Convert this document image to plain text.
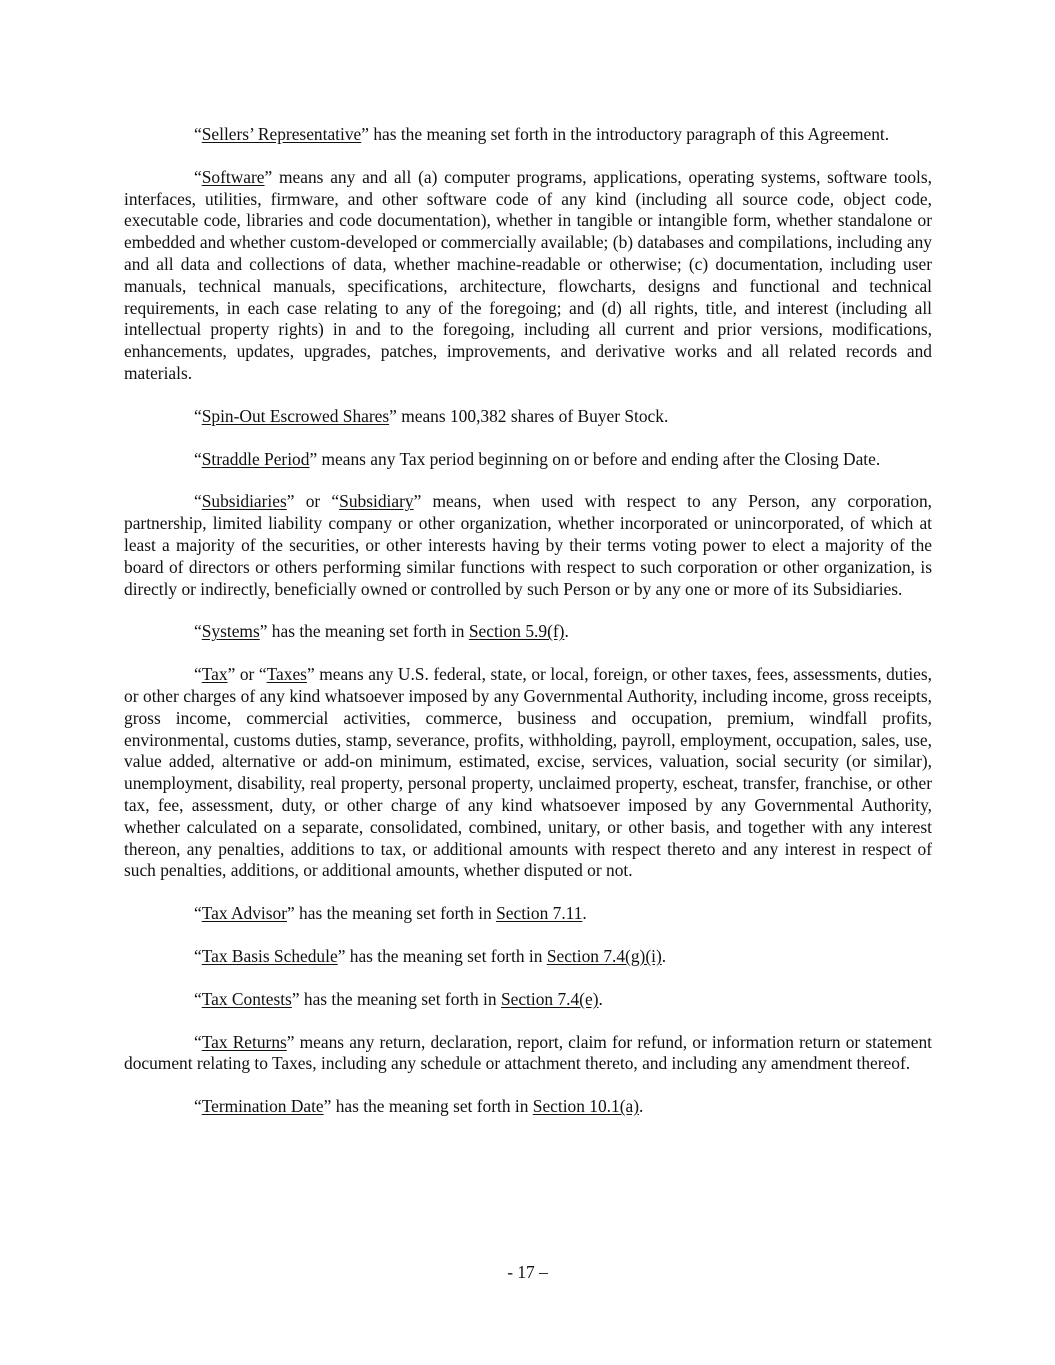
“Sellers’ Representative” has the meaning set forth in the introductory paragraph of this Agreement.

“Software” means any and all (a) computer programs, applications, operating systems, software tools, interfaces, utilities, firmware, and other software code of any kind (including all source code, object code, executable code, libraries and code documentation), whether in tangible or intangible form, whether standalone or embedded and whether custom-developed or commercially available; (b) databases and compilations, including any and all data and collections of data, whether machine-readable or otherwise; (c) documentation, including user manuals, technical manuals, specifications, architecture, flowcharts, designs and functional and technical requirements, in each case relating to any of the foregoing; and (d) all rights, title, and interest (including all intellectual property rights) in and to the foregoing, including all current and prior versions, modifications, enhancements, updates, upgrades, patches, improvements, and derivative works and all related records and materials.

“Spin-Out Escrowed Shares” means 100,382 shares of Buyer Stock.

“Straddle Period” means any Tax period beginning on or before and ending after the Closing Date.

“Subsidiaries” or “Subsidiary” means, when used with respect to any Person, any corporation, partnership, limited liability company or other organization, whether incorporated or unincorporated, of which at least a majority of the securities, or other interests having by their terms voting power to elect a majority of the board of directors or others performing similar functions with respect to such corporation or other organization, is directly or indirectly, beneficially owned or controlled by such Person or by any one or more of its Subsidiaries.

“Systems” has the meaning set forth in Section 5.9(f).

“Tax” or “Taxes” means any U.S. federal, state, or local, foreign, or other taxes, fees, assessments, duties, or other charges of any kind whatsoever imposed by any Governmental Authority, including income, gross receipts, gross income, commercial activities, commerce, business and occupation, premium, windfall profits, environmental, customs duties, stamp, severance, profits, withholding, payroll, employment, occupation, sales, use, value added, alternative or add-on minimum, estimated, excise, services, valuation, social security (or similar), unemployment, disability, real property, personal property, unclaimed property, escheat, transfer, franchise, or other tax, fee, assessment, duty, or other charge of any kind whatsoever imposed by any Governmental Authority, whether calculated on a separate, consolidated, combined, unitary, or other basis, and together with any interest thereon, any penalties, additions to tax, or additional amounts with respect thereto and any interest in respect of such penalties, additions, or additional amounts, whether disputed or not.

“Tax Advisor” has the meaning set forth in Section 7.11.

“Tax Basis Schedule” has the meaning set forth in Section 7.4(g)(i).

“Tax Contests” has the meaning set forth in Section 7.4(e).

“Tax Returns” means any return, declaration, report, claim for refund, or information return or statement document relating to Taxes, including any schedule or attachment thereto, and including any amendment thereof.

“Termination Date” has the meaning set forth in Section 10.1(a).

- 17 –
